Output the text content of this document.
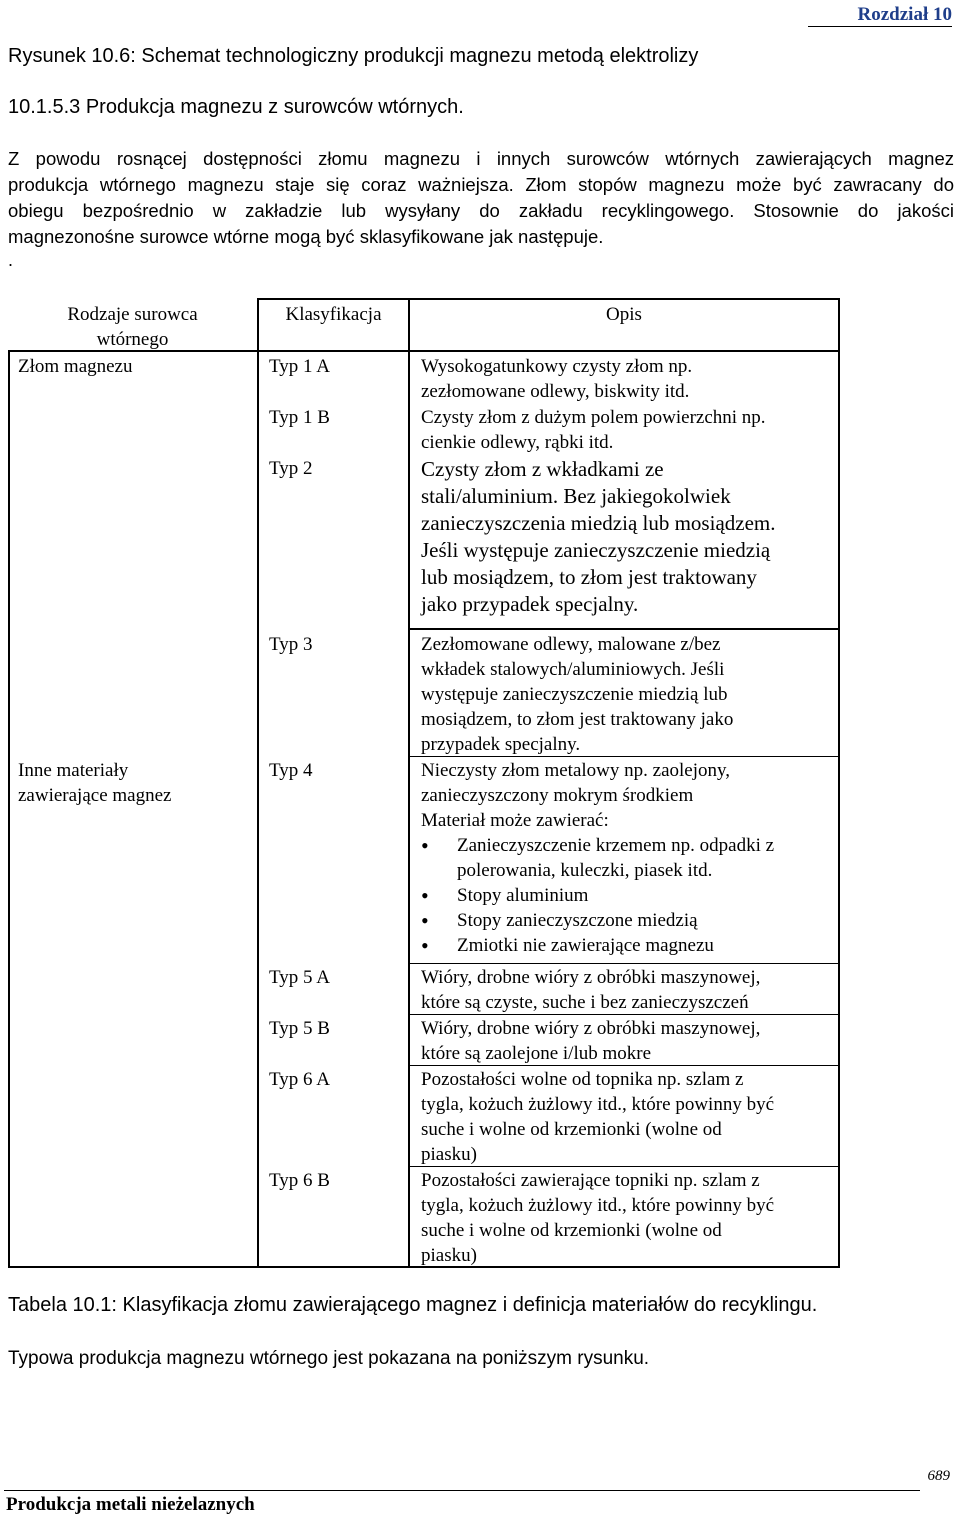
Rozdział 10
Rysunek 10.6: Schemat technologiczny produkcji magnezu metodą elektrolizy
10.1.5.3 Produkcja magnezu z surowców wtórnych.
Z powodu rosnącej dostępności złomu magnezu i innych surowców wtórnych zawierających magnez
produkcja wtórnego magnezu staje się coraz ważniejsza. Złom stopów magnezu może być zawracany do
obiegu bezpośrednio w zakładzie lub wysyłany do zakładu recyklingowego. Stosownie do jakości
magnezonośne surowce wtórne mogą być sklasyfikowane jak następuje.
.
Rodzaje surowca
wtórnego
Klasyfikacja	Opis
Złom magnezu
Inne materiały
zawierające magnez
Typ 1 A
Typ 1 B
Typ 2
Typ 3
Typ 4
Typ 5 A
Typ 5 B
Typ 6 A
Typ 6 B
Wysokogatunkowy czysty złom np.
zezłomowane odlewy, biskwity itd.
Czysty złom z dużym polem powierzchni np.
cienkie odlewy, rąbki itd.
Czysty złom z wkładkami ze
stali/aluminium. Bez jakiegokolwiek
zanieczyszczenia miedzią lub mosiądzem.
Jeśli występuje zanieczyszczenie miedzią
lub mosiądzem, to złom jest traktowany
jako przypadek specjalny.
Zezłomowane odlewy, malowane z/bez
wkładek stalowych/aluminiowych. Jeśli
występuje zanieczyszczenie miedzią lub
mosiądzem, to złom jest traktowany jako
przypadek specjalny.
Nieczysty złom metalowy np. zaolejony,
zanieczyszczony mokrym środkiem
Materiał może zawierać:
• Zanieczyszczenie krzemem np. odpadki z
polerowania, kuleczki, piasek itd.
• Stopy aluminium
• Stopy zanieczyszczone miedzią
• Zmiotki nie zawierające magnezu
Wióry, drobne wióry z obróbki maszynowej,
które są czyste, suche i bez zanieczyszczeń
Wióry, drobne wióry z obróbki maszynowej,
które są zaolejone i/lub mokre
Pozostałości wolne od topnika np. szlam z
tygla, kożuch żużlowy itd., które powinny być
suche i wolne od krzemionki (wolne od
piasku)
Pozostałości zawierające topniki np. szlam z
tygla, kożuch żużlowy itd., które powinny być
suche i wolne od krzemionki (wolne od
piasku)
Tabela 10.1: Klasyfikacja złomu zawierającego magnez i definicja materiałów do recyklingu.
Typowa produkcja magnezu wtórnego jest pokazana na poniższym rysunku.
689
Produkcja metali nieżelaznych
